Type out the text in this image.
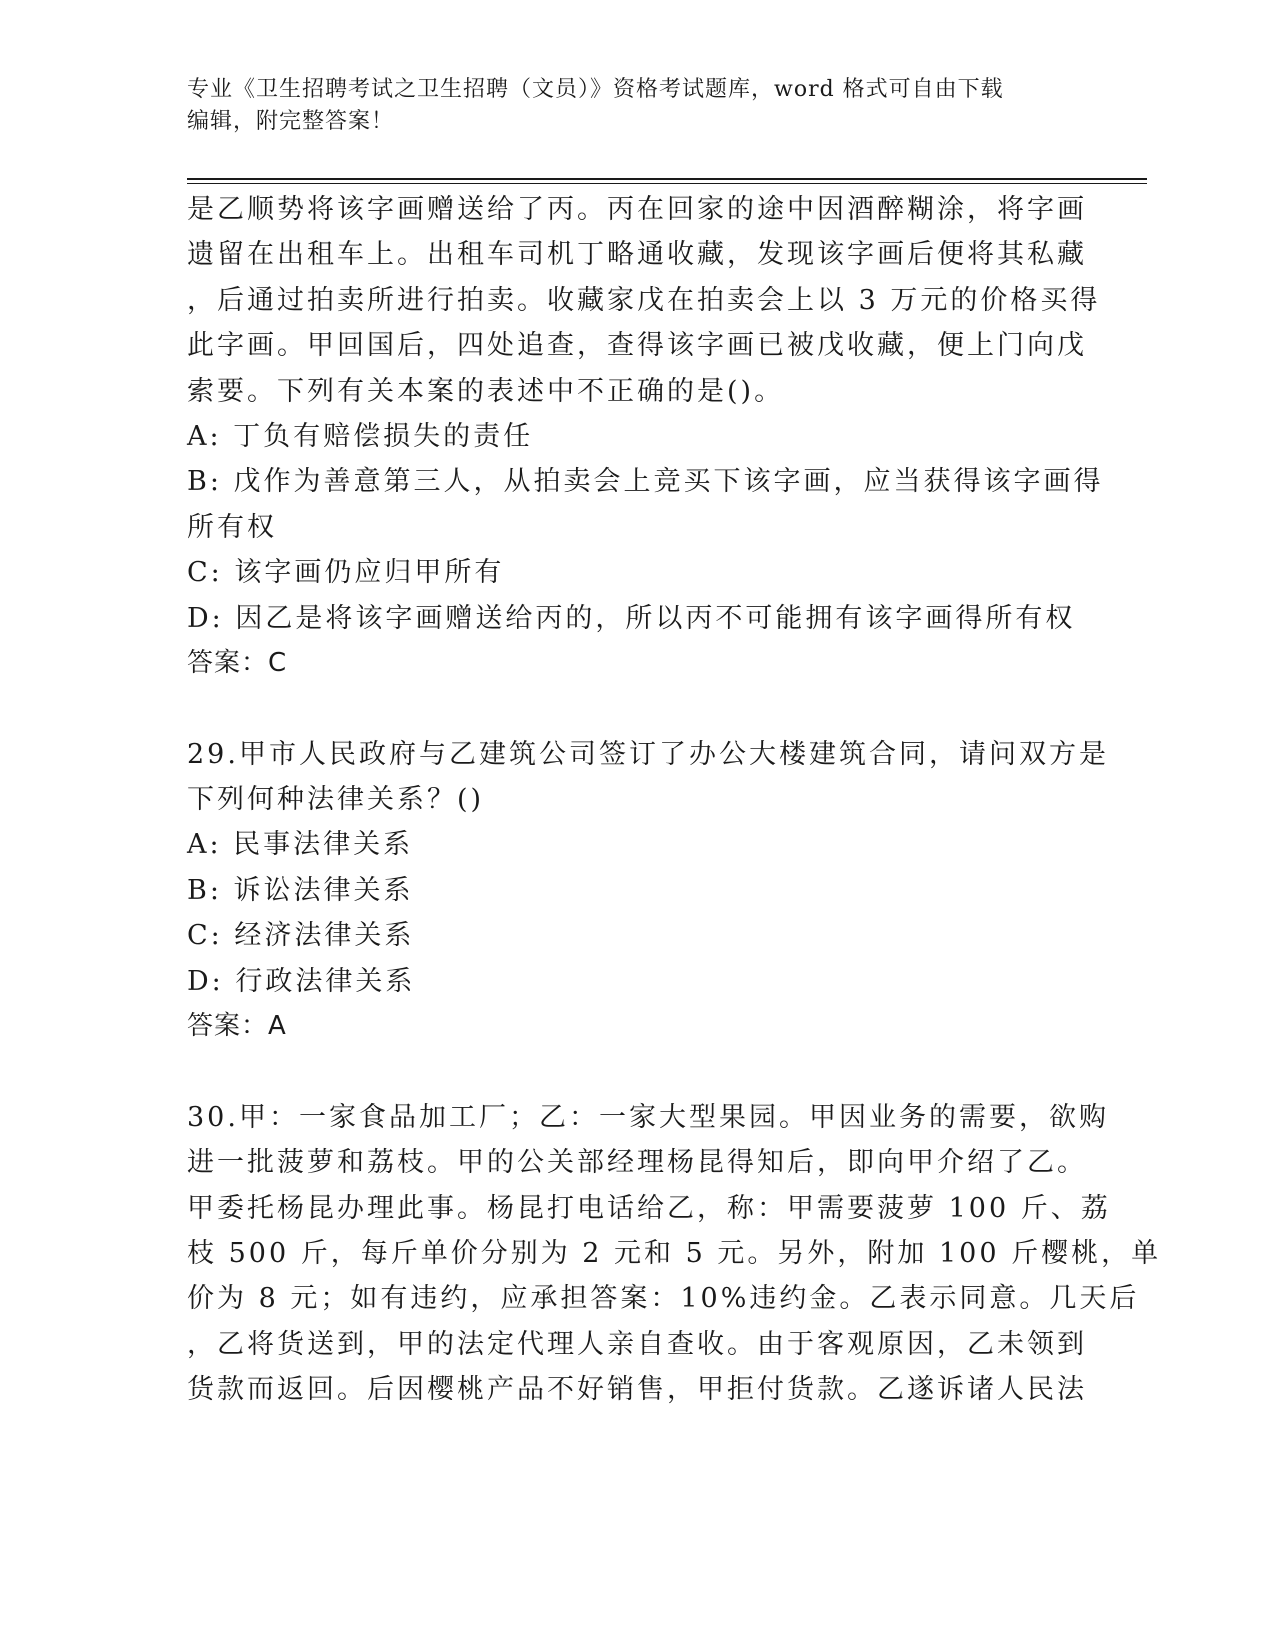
专业《卫生招聘考试之卫生招聘（文员）》资格考试题库，word 格式可自由下载
编辑，附完整答案！
是乙顺势将该字画赠送给了丙。丙在回家的途中因酒醉糊涂，将字画
遗留在出租车上。出租车司机丁略通收藏，发现该字画后便将其私藏
，后通过拍卖所进行拍卖。收藏家戊在拍卖会上以 3 万元的价格买得
此字画。甲回国后，四处追查，查得该字画已被戊收藏，便上门向戊
索要。下列有关本案的表述中不正确的是()。
A: 丁负有赔偿损失的责任
B: 戊作为善意第三人，从拍卖会上竞买下该字画，应当获得该字画得
所有权
C: 该字画仍应归甲所有
D: 因乙是将该字画赠送给丙的，所以丙不可能拥有该字画得所有权
答案：C
29.甲市人民政府与乙建筑公司签订了办公大楼建筑合同，请问双方是
下列何种法律关系？()
A: 民事法律关系
B: 诉讼法律关系
C: 经济法律关系
D: 行政法律关系
答案：A
30.甲：一家食品加工厂；乙：一家大型果园。甲因业务的需要，欲购
进一批菠萝和荔枝。甲的公关部经理杨昆得知后，即向甲介绍了乙。
甲委托杨昆办理此事。杨昆打电话给乙，称：甲需要菠萝 100 斤、荔
枝 500 斤，每斤单价分别为 2 元和 5 元。另外，附加 100 斤樱桃，单
价为 8 元；如有违约，应承担答案：10%违约金。乙表示同意。几天后
，乙将货送到，甲的法定代理人亲自查收。由于客观原因，乙未领到
货款而返回。后因樱桃产品不好销售，甲拒付货款。乙遂诉诸人民法
